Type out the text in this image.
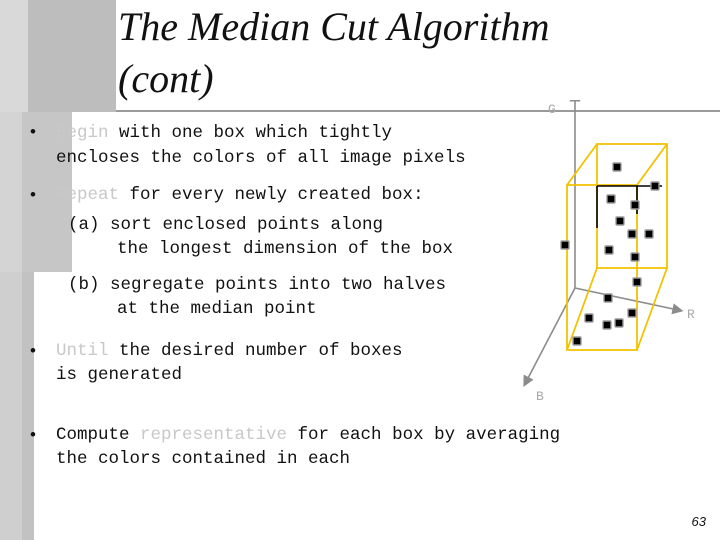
The Median Cut Algorithm
(cont)
• Begin with one box which tightly
encloses the colors of all image pixels
• Repeat for every newly created box:
(a) sort enclosed points along
the longest dimension of the box
(b) segregate points into two halves
at the median point
• Until the desired number of boxes
is generated
• Compute representative for each box by averaging
the colors contained in each
G
R
B
63
